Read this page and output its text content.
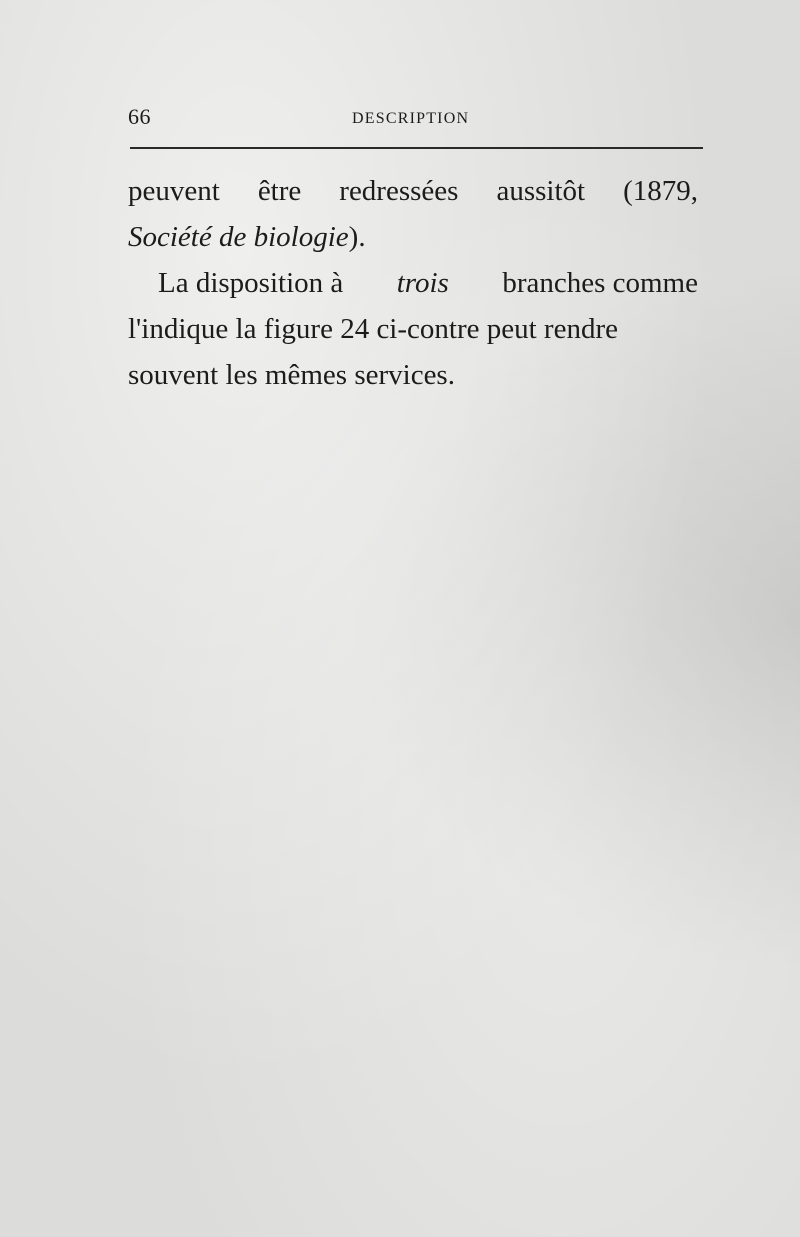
66	DESCRIPTION

peuvent être redressées aussitôt (1879,
Société de biologie).

La disposition à trois branches comme
l'indique la figure 24 ci-contre peut rendre
souvent les mêmes services.
